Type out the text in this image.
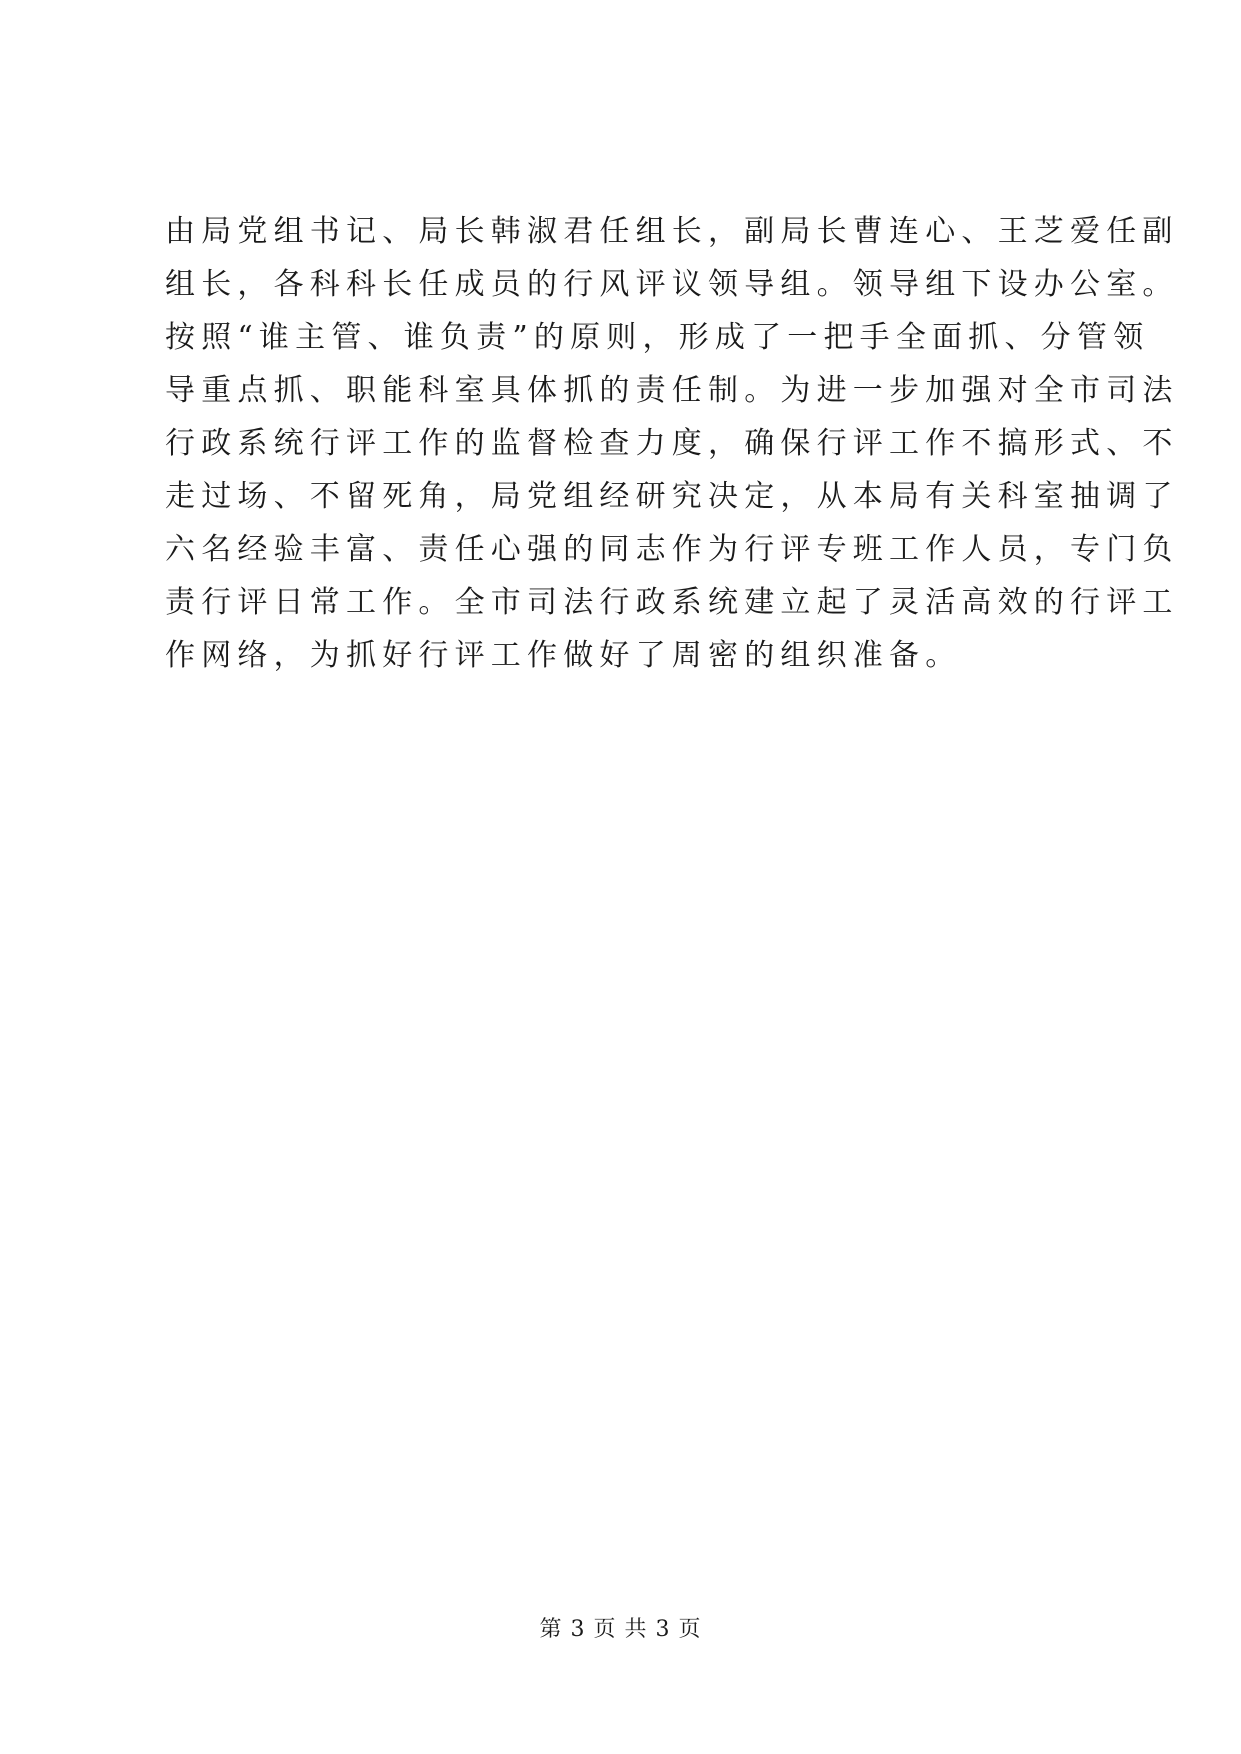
由局党组书记、局长韩淑君任组长，副局长曹连心、王芝爱任副
组长，各科科长任成员的行风评议领导组。领导组下设办公室。
按照“谁主管、谁负责”的原则，形成了一把手全面抓、分管领
导重点抓、职能科室具体抓的责任制。为进一步加强对全市司法
行政系统行评工作的监督检查力度，确保行评工作不搞形式、不
走过场、不留死角，局党组经研究决定，从本局有关科室抽调了
六名经验丰富、责任心强的同志作为行评专班工作人员，专门负
责行评日常工作。全市司法行政系统建立起了灵活高效的行评工
作网络，为抓好行评工作做好了周密的组织准备。
第 3 页 共 3 页
